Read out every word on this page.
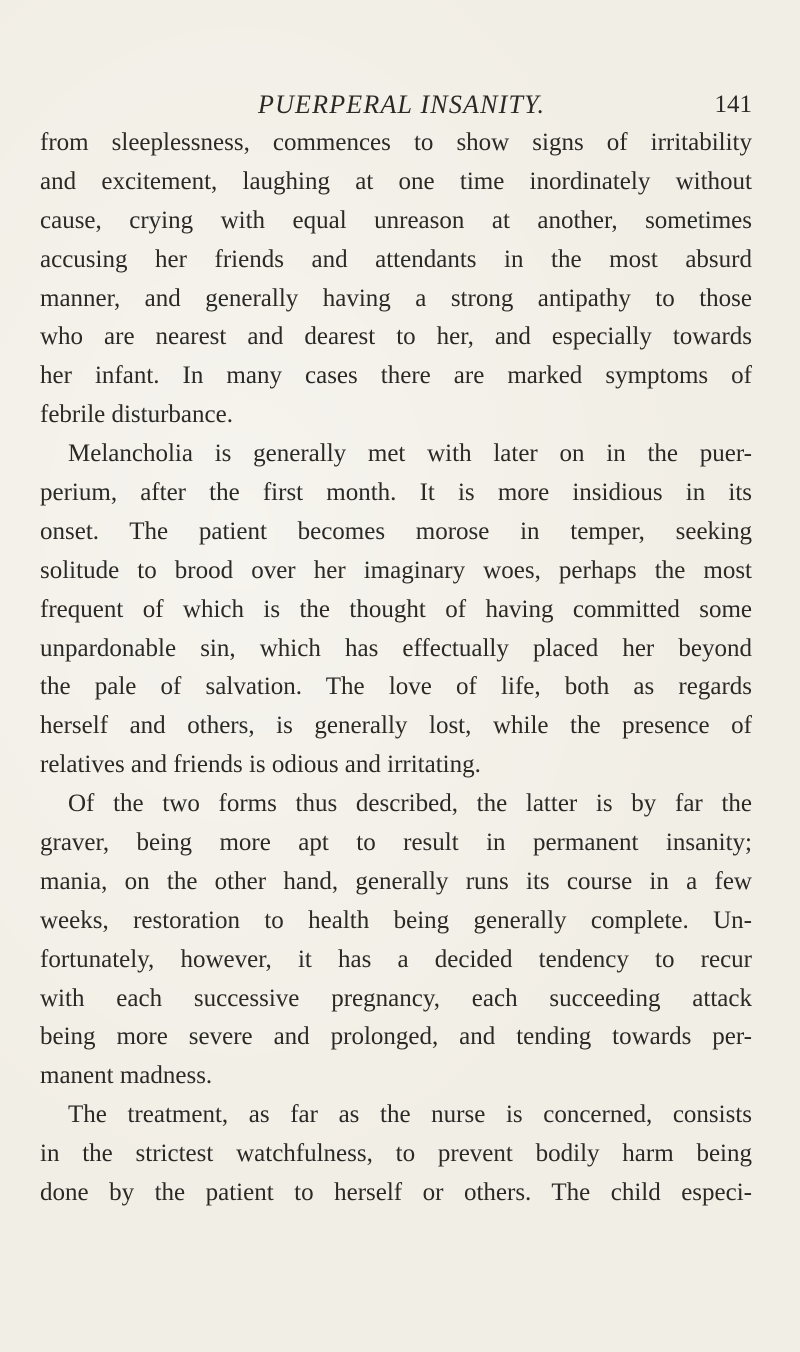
PUERPERAL INSANITY.	141
from sleeplessness, commences to show signs of irritability
and excitement, laughing at one time inordinately without
cause, crying with equal unreason at another, sometimes
accusing her friends and attendants in the most absurd
manner, and generally having a strong antipathy to those
who are nearest and dearest to her, and especially towards
her infant. In many cases there are marked symptoms of
febrile disturbance.
Melancholia is generally met with later on in the puer-
perium, after the first month. It is more insidious in its
onset. The patient becomes morose in temper, seeking
solitude to brood over her imaginary woes, perhaps the most
frequent of which is the thought of having committed some
unpardonable sin, which has effectually placed her beyond
the pale of salvation. The love of life, both as regards
herself and others, is generally lost, while the presence of
relatives and friends is odious and irritating.
Of the two forms thus described, the latter is by far the
graver, being more apt to result in permanent insanity;
mania, on the other hand, generally runs its course in a few
weeks, restoration to health being generally complete. Un-
fortunately, however, it has a decided tendency to recur
with each successive pregnancy, each succeeding attack
being more severe and prolonged, and tending towards per-
manent madness.
The treatment, as far as the nurse is concerned, consists
in the strictest watchfulness, to prevent bodily harm being
done by the patient to herself or others. The child especi-
